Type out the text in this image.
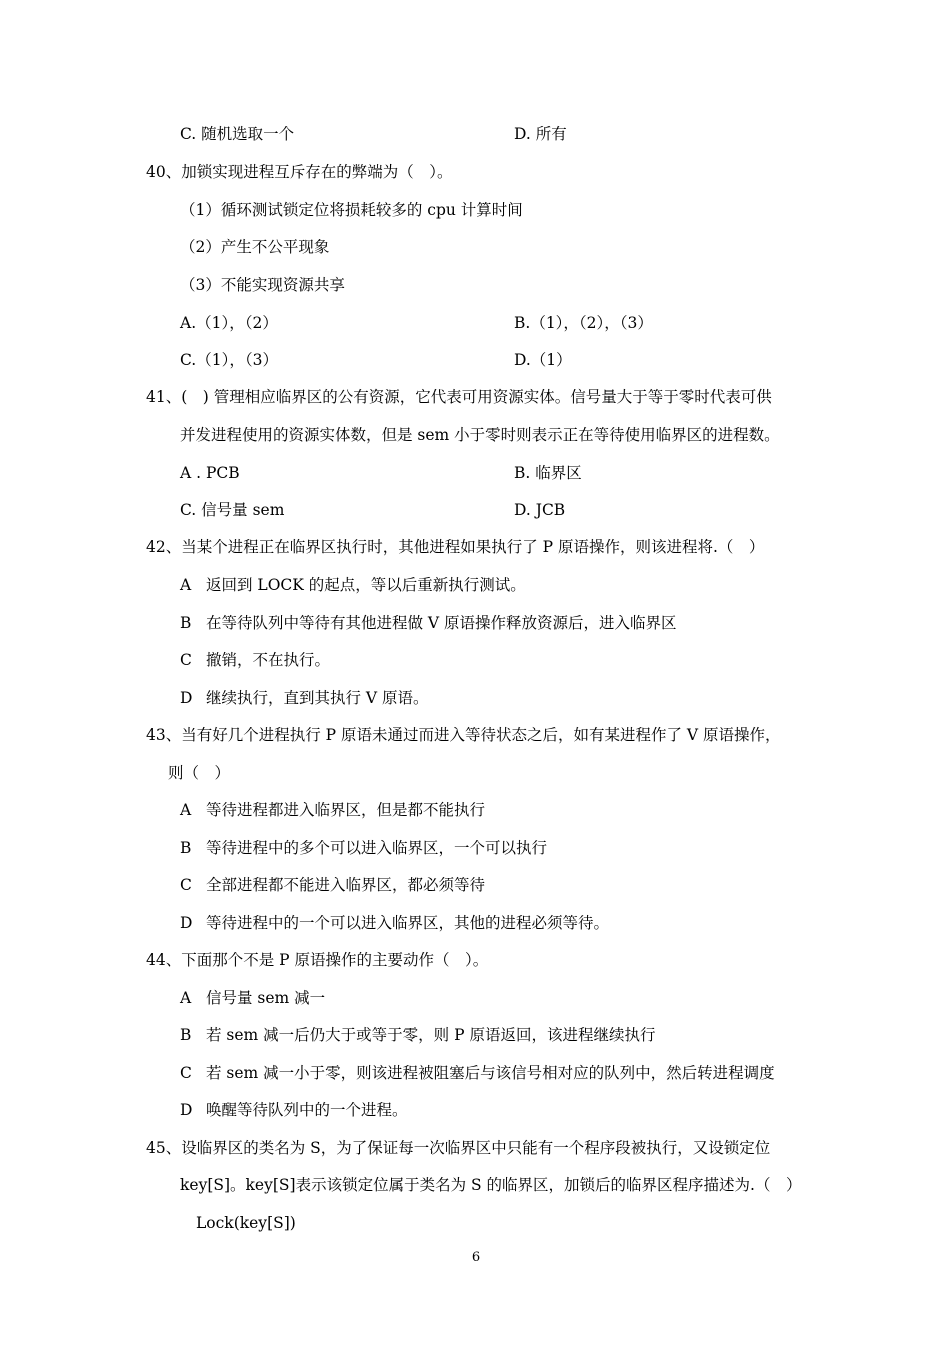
C. 随机选取一个	D. 所有
40、加锁实现进程互斥存在的弊端为（　）。
（1）循环测试锁定位将损耗较多的 cpu 计算时间
（2）产生不公平现象
（3）不能实现资源共享
A.（1），（2）	B.（1），（2），（3）
C.（1），（3）	D.（1）
41、(　) 管理相应临界区的公有资源，它代表可用资源实体。信号量大于等于零时代表可供
并发进程使用的资源实体数，但是 sem 小于零时则表示正在等待使用临界区的进程数。
A . PCB	B. 临界区
C. 信号量 sem	D. JCB
42、当某个进程正在临界区执行时，其他进程如果执行了 P 原语操作，则该进程将.（　）
A 返回到 LOCK 的起点，等以后重新执行测试。
B 在等待队列中等待有其他进程做 V 原语操作释放资源后，进入临界区
C 撤销，不在执行。
D 继续执行，直到其执行 V 原语。
43、当有好几个进程执行 P 原语未通过而进入等待状态之后，如有某进程作了 V 原语操作，
则（　）
A 等待进程都进入临界区，但是都不能执行
B 等待进程中的多个可以进入临界区，一个可以执行
C 全部进程都不能进入临界区，都必须等待
D 等待进程中的一个可以进入临界区，其他的进程必须等待。
44、下面那个不是 P 原语操作的主要动作（　）。
A 信号量 sem 减一
B 若 sem 减一后仍大于或等于零，则 P 原语返回，该进程继续执行
C 若 sem 减一小于零，则该进程被阻塞后与该信号相对应的队列中，然后转进程调度
D 唤醒等待队列中的一个进程。
45、设临界区的类名为 S，为了保证每一次临界区中只能有一个程序段被执行，又设锁定位
key[S]。key[S]表示该锁定位属于类名为 S 的临界区，加锁后的临界区程序描述为.（　）
Lock(key[S])
6
